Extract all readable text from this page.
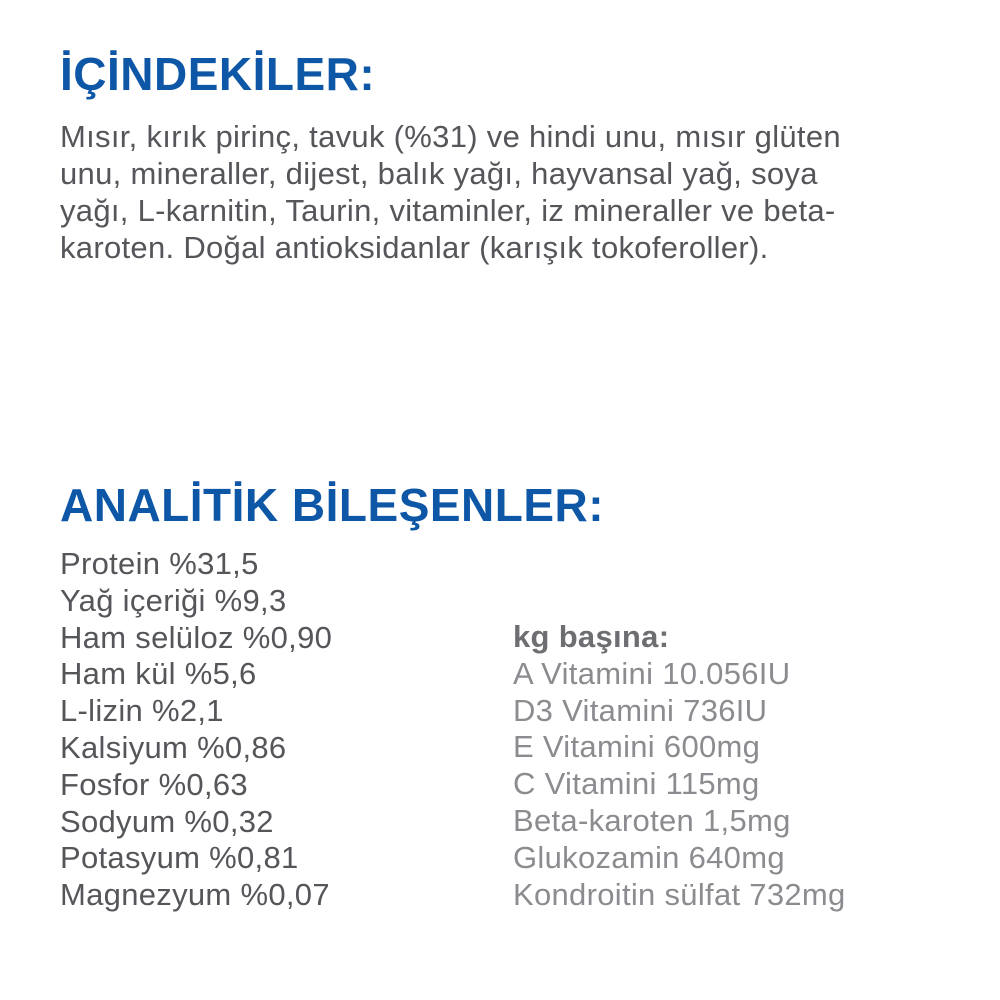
İÇİNDEKİLER:

Mısır, kırık pirinç, tavuk (%31) ve hindi unu, mısır glüten unu, mineraller, dijest, balık yağı, hayvansal yağ, soya yağı, L-karnitin, Taurin, vitaminler, iz mineraller ve beta-karoten. Doğal antioksidanlar (karışık tokoferoller).

ANALİTİK BİLEŞENLER:
Protein %31,5
Yağ içeriği %9,3
Ham selüloz %0,90
Ham kül %5,6
L-lizin %2,1
Kalsiyum %0,86
Fosfor %0,63
Sodyum %0,32
Potasyum %0,81
Magnezyum %0,07
kg başına:
A Vitamini 10.056IU
D3 Vitamini 736IU
E Vitamini 600mg
C Vitamini 115mg
Beta-karoten 1,5mg
Glukozamin 640mg
Kondroitin sülfat 732mg
